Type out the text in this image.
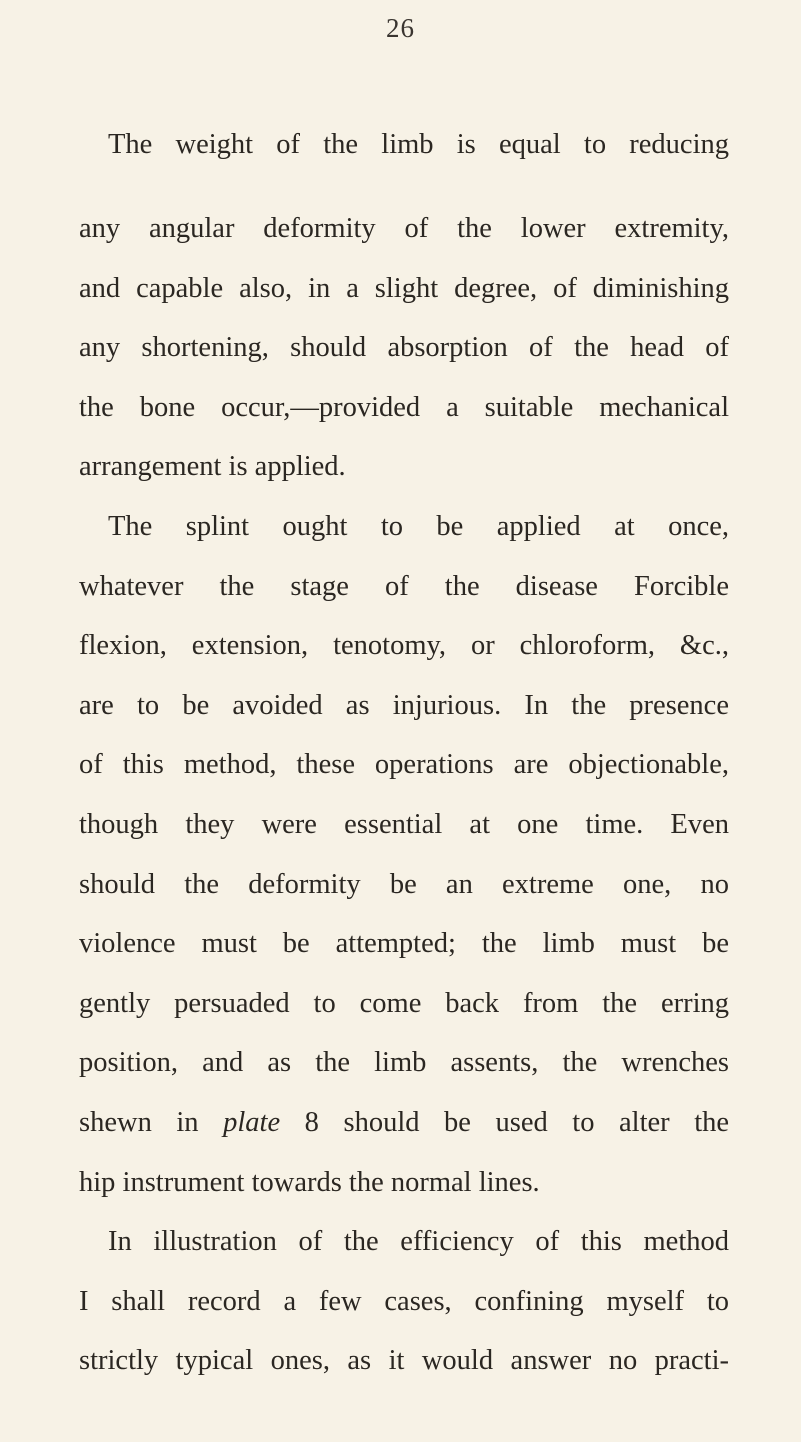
26
The weight of the limb is equal to reducing
any angular deformity of the lower extremity,
and capable also, in a slight degree, of diminishing
any shortening, should absorption of the head of
the bone occur,—provided a suitable mechanical
arrangement is applied.
The splint ought to be applied at once,
whatever the stage of the disease Forcible
flexion, extension, tenotomy, or chloroform, &c.,
are to be avoided as injurious. In the presence
of this method, these operations are objectionable,
though they were essential at one time. Even
should the deformity be an extreme one, no
violence must be attempted; the limb must be
gently persuaded to come back from the erring
position, and as the limb assents, the wrenches
shewn in plate 8 should be used to alter the
hip instrument towards the normal lines.
In illustration of the efficiency of this method
I shall record a few cases, confining myself to
strictly typical ones, as it would answer no practi-
